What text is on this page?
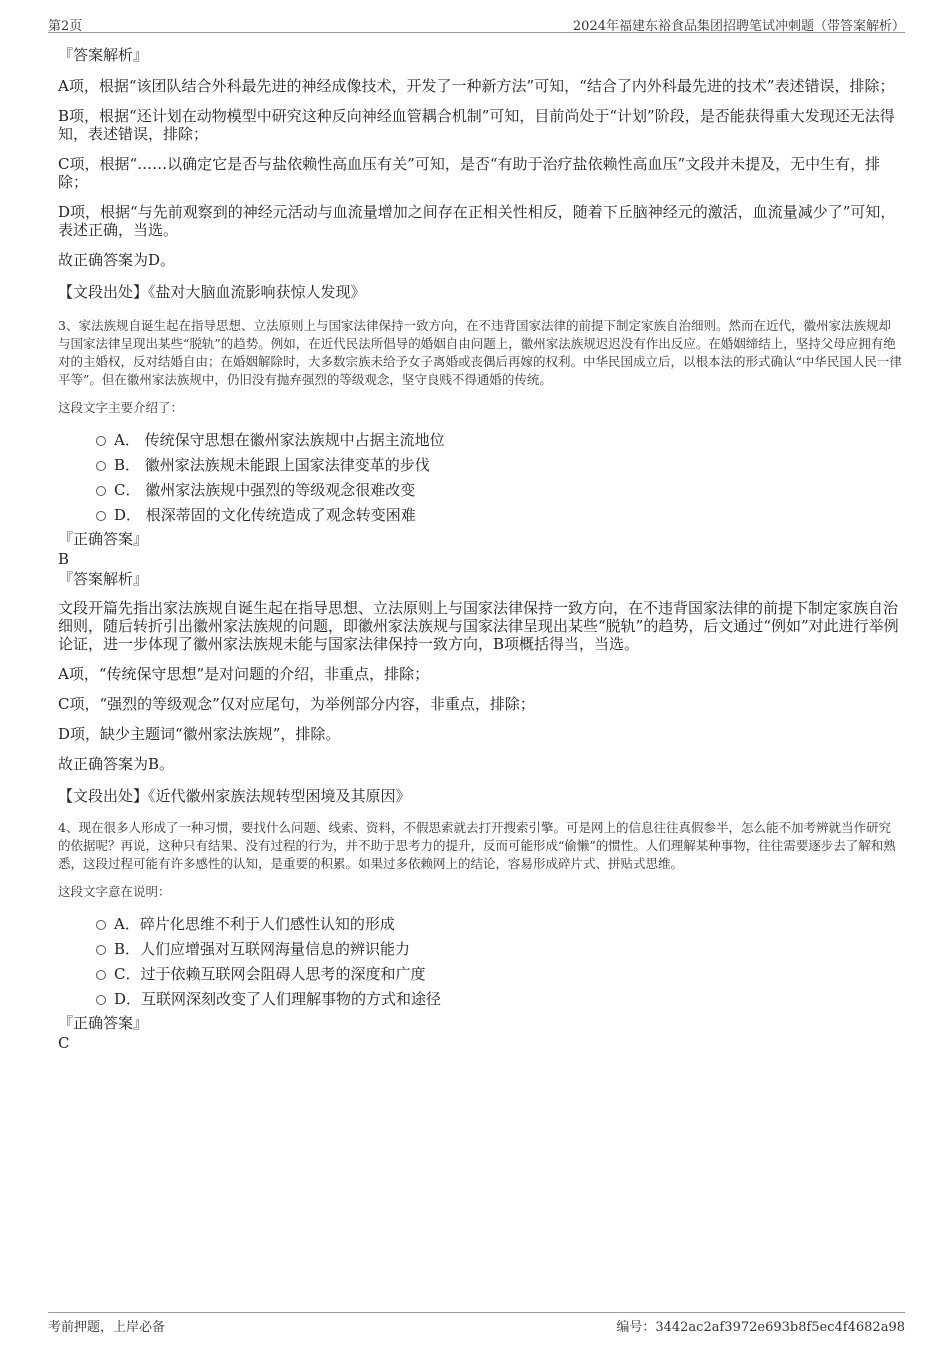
第2页	2024年福建东裕食品集团招聘笔试冲刺题（带答案解析）

『答案解析』

A项，根据“该团队结合外科最先进的神经成像技术，开发了一种新方法”可知，“结合了内外科最先进的技术”表述错误，排除；

B项，根据“还计划在动物模型中研究这种反向神经血管耦合机制”可知，目前尚处于“计划”阶段，是否能获得重大发现还无法得知，表述错误，排除；

C项，根据“……以确定它是否与盐依赖性高血压有关”可知，是否“有助于治疗盐依赖性高血压”文段并未提及，无中生有，排除；

D项，根据“与先前观察到的神经元活动与血流量增加之间存在正相关性相反，随着下丘脑神经元的激活，血流量减少了”可知，表述正确，当选。

故正确答案为D。

【文段出处】《盐对大脑血流影响获惊人发现》

3、家法族规自诞生起在指导思想、立法原则上与国家法律保持一致方向，在不违背国家法律的前提下制定家族自治细则。然而在近代，徽州家法族规却与国家法律呈现出某些“脱轨”的趋势。例如，在近代民法所倡导的婚姻自由问题上，徽州家法族规迟迟没有作出反应。在婚姻缔结上，坚持父母应拥有绝对的主婚权，反对结婚自由；在婚姻解除时，大多数宗族未给予女子离婚或丧偶后再嫁的权利。中华民国成立后，以根本法的形式确认“中华民国人民一律平等”。但在徽州家法族规中，仍旧没有抛弃强烈的等级观念，坚守良贱不得通婚的传统。

这段文字主要介绍了：

A． 传统保守思想在徽州家法族规中占据主流地位
B． 徽州家法族规未能跟上国家法律变革的步伐
C． 徽州家法族规中强烈的等级观念很难改变
D． 根深蒂固的文化传统造成了观念转变困难

『正确答案』

B

『答案解析』

文段开篇先指出家法族规自诞生起在指导思想、立法原则上与国家法律保持一致方向，在不违背国家法律的前提下制定家族自治细则，随后转折引出徽州家法族规的问题，即徽州家法族规与国家法律呈现出某些“脱轨”的趋势，后文通过“例如”对此进行举例论证，进一步体现了徽州家法族规未能与国家法律保持一致方向，B项概括得当，当选。

A项，“传统保守思想”是对问题的介绍，非重点，排除；

C项，“强烈的等级观念”仅对应尾句，为举例部分内容，非重点，排除；

D项，缺少主题词“徽州家法族规”，排除。

故正确答案为B。

【文段出处】《近代徽州家族法规转型困境及其原因》

4、现在很多人形成了一种习惯，要找什么问题、线索、资料，不假思索就去打开搜索引擎。可是网上的信息往往真假参半，怎么能不加考辨就当作研究的依据呢？再说，这种只有结果、没有过程的行为，并不助于思考力的提升，反而可能形成“偷懒”的惯性。人们理解某种事物，往往需要逐步去了解和熟悉，这段过程可能有许多感性的认知，是重要的积累。如果过多依赖网上的结论，容易形成碎片式、拼贴式思维。

这段文字意在说明：

A．碎片化思维不利于人们感性认知的形成
B．人们应增强对互联网海量信息的辨识能力
C．过于依赖互联网会阻碍人思考的深度和广度
D．互联网深刻改变了人们理解事物的方式和途径

『正确答案』

C

考前押题，上岸必备	编号：3442ac2af3972e693b8f5ec4f4682a98
